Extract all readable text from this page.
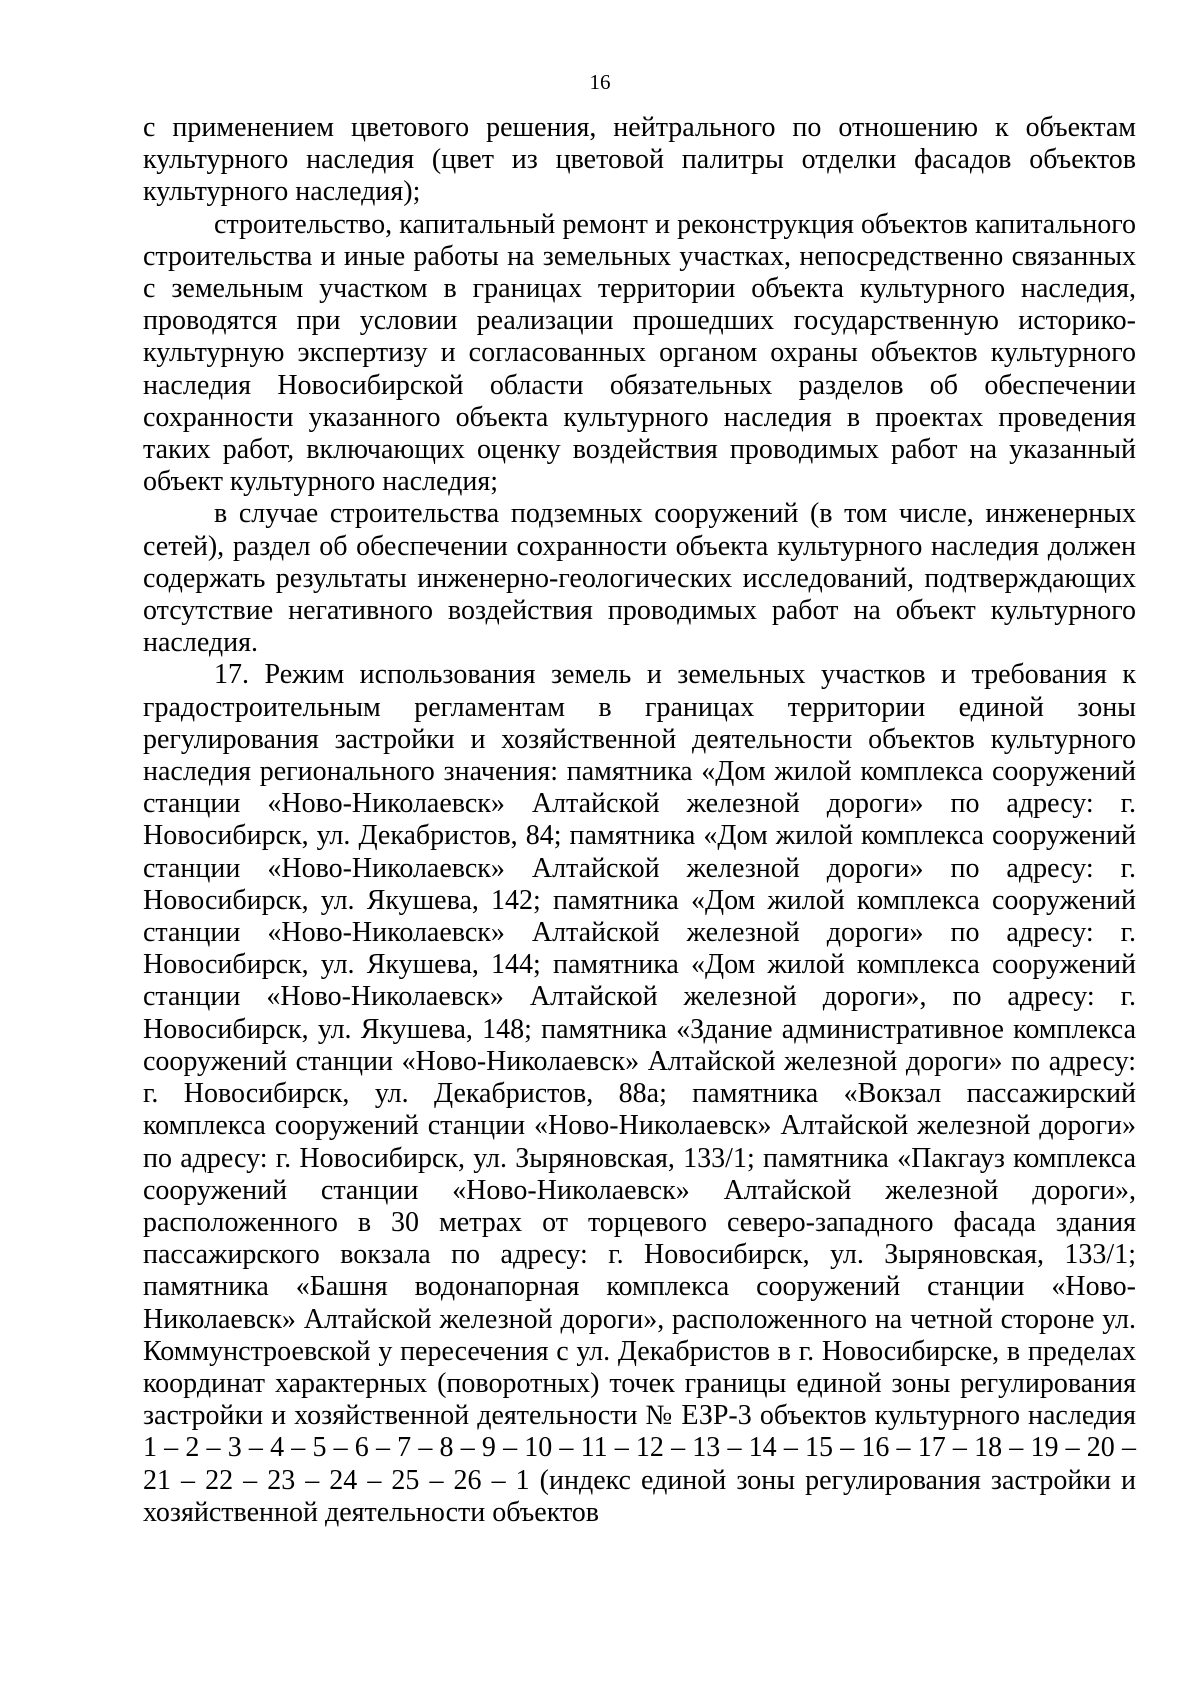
16

с применением цветового решения, нейтрального по отношению к объектам культурного наследия (цвет из цветовой палитры отделки фасадов объектов культурного наследия);

строительство, капитальный ремонт и реконструкция объектов капитального строительства и иные работы на земельных участках, непосредственно связанных с земельным участком в границах территории объекта культурного наследия, проводятся при условии реализации прошедших государственную историко-культурную экспертизу и согласованных органом охраны объектов культурного наследия Новосибирской области обязательных разделов об обеспечении сохранности указанного объекта культурного наследия в проектах проведения таких работ, включающих оценку воздействия проводимых работ на указанный объект культурного наследия;

в случае строительства подземных сооружений (в том числе, инженерных сетей), раздел об обеспечении сохранности объекта культурного наследия должен содержать результаты инженерно-геологических исследований, подтверждающих отсутствие негативного воздействия проводимых работ на объект культурного наследия.

17. Режим использования земель и земельных участков и требования к градостроительным регламентам в границах территории единой зоны регулирования застройки и хозяйственной деятельности объектов культурного наследия регионального значения: памятника «Дом жилой комплекса сооружений станции «Ново-Николаевск» Алтайской железной дороги» по адресу: г. Новосибирск, ул. Декабристов, 84; памятника «Дом жилой комплекса сооружений станции «Ново-Николаевск» Алтайской железной дороги» по адресу: г. Новосибирск, ул. Якушева, 142; памятника «Дом жилой комплекса сооружений станции «Ново-Николаевск» Алтайской железной дороги» по адресу: г. Новосибирск, ул. Якушева, 144; памятника «Дом жилой комплекса сооружений станции «Ново-Николаевск» Алтайской железной дороги», по адресу: г. Новосибирск, ул. Якушева, 148; памятника «Здание административное комплекса сооружений станции «Ново-Николаевск» Алтайской железной дороги» по адресу: г. Новосибирск, ул. Декабристов, 88а; памятника «Вокзал пассажирский комплекса сооружений станции «Ново-Николаевск» Алтайской железной дороги» по адресу: г. Новосибирск, ул. Зыряновская, 133/1; памятника «Пакгауз комплекса сооружений станции «Ново-Николаевск» Алтайской железной дороги», расположенного в 30 метрах от торцевого северо-западного фасада здания пассажирского вокзала по адресу: г. Новосибирск, ул. Зыряновская, 133/1; памятника «Башня водонапорная комплекса сооружений станции «Ново-Николаевск» Алтайской железной дороги», расположенного на четной стороне ул. Коммунстроевской у пересечения с ул. Декабристов в г. Новосибирске, в пределах координат характерных (поворотных) точек границы единой зоны регулирования застройки и хозяйственной деятельности № ЕЗР-3 объектов культурного наследия 1 – 2 – 3 – 4 – 5 – 6 – 7 – 8 – 9 – 10 – 11 – 12 – 13 – 14 – 15 – 16 – 17 – 18 – 19 – 20 – 21 – 22 – 23 – 24 – 25 – 26 – 1 (индекс единой зоны регулирования застройки и хозяйственной деятельности объектов
